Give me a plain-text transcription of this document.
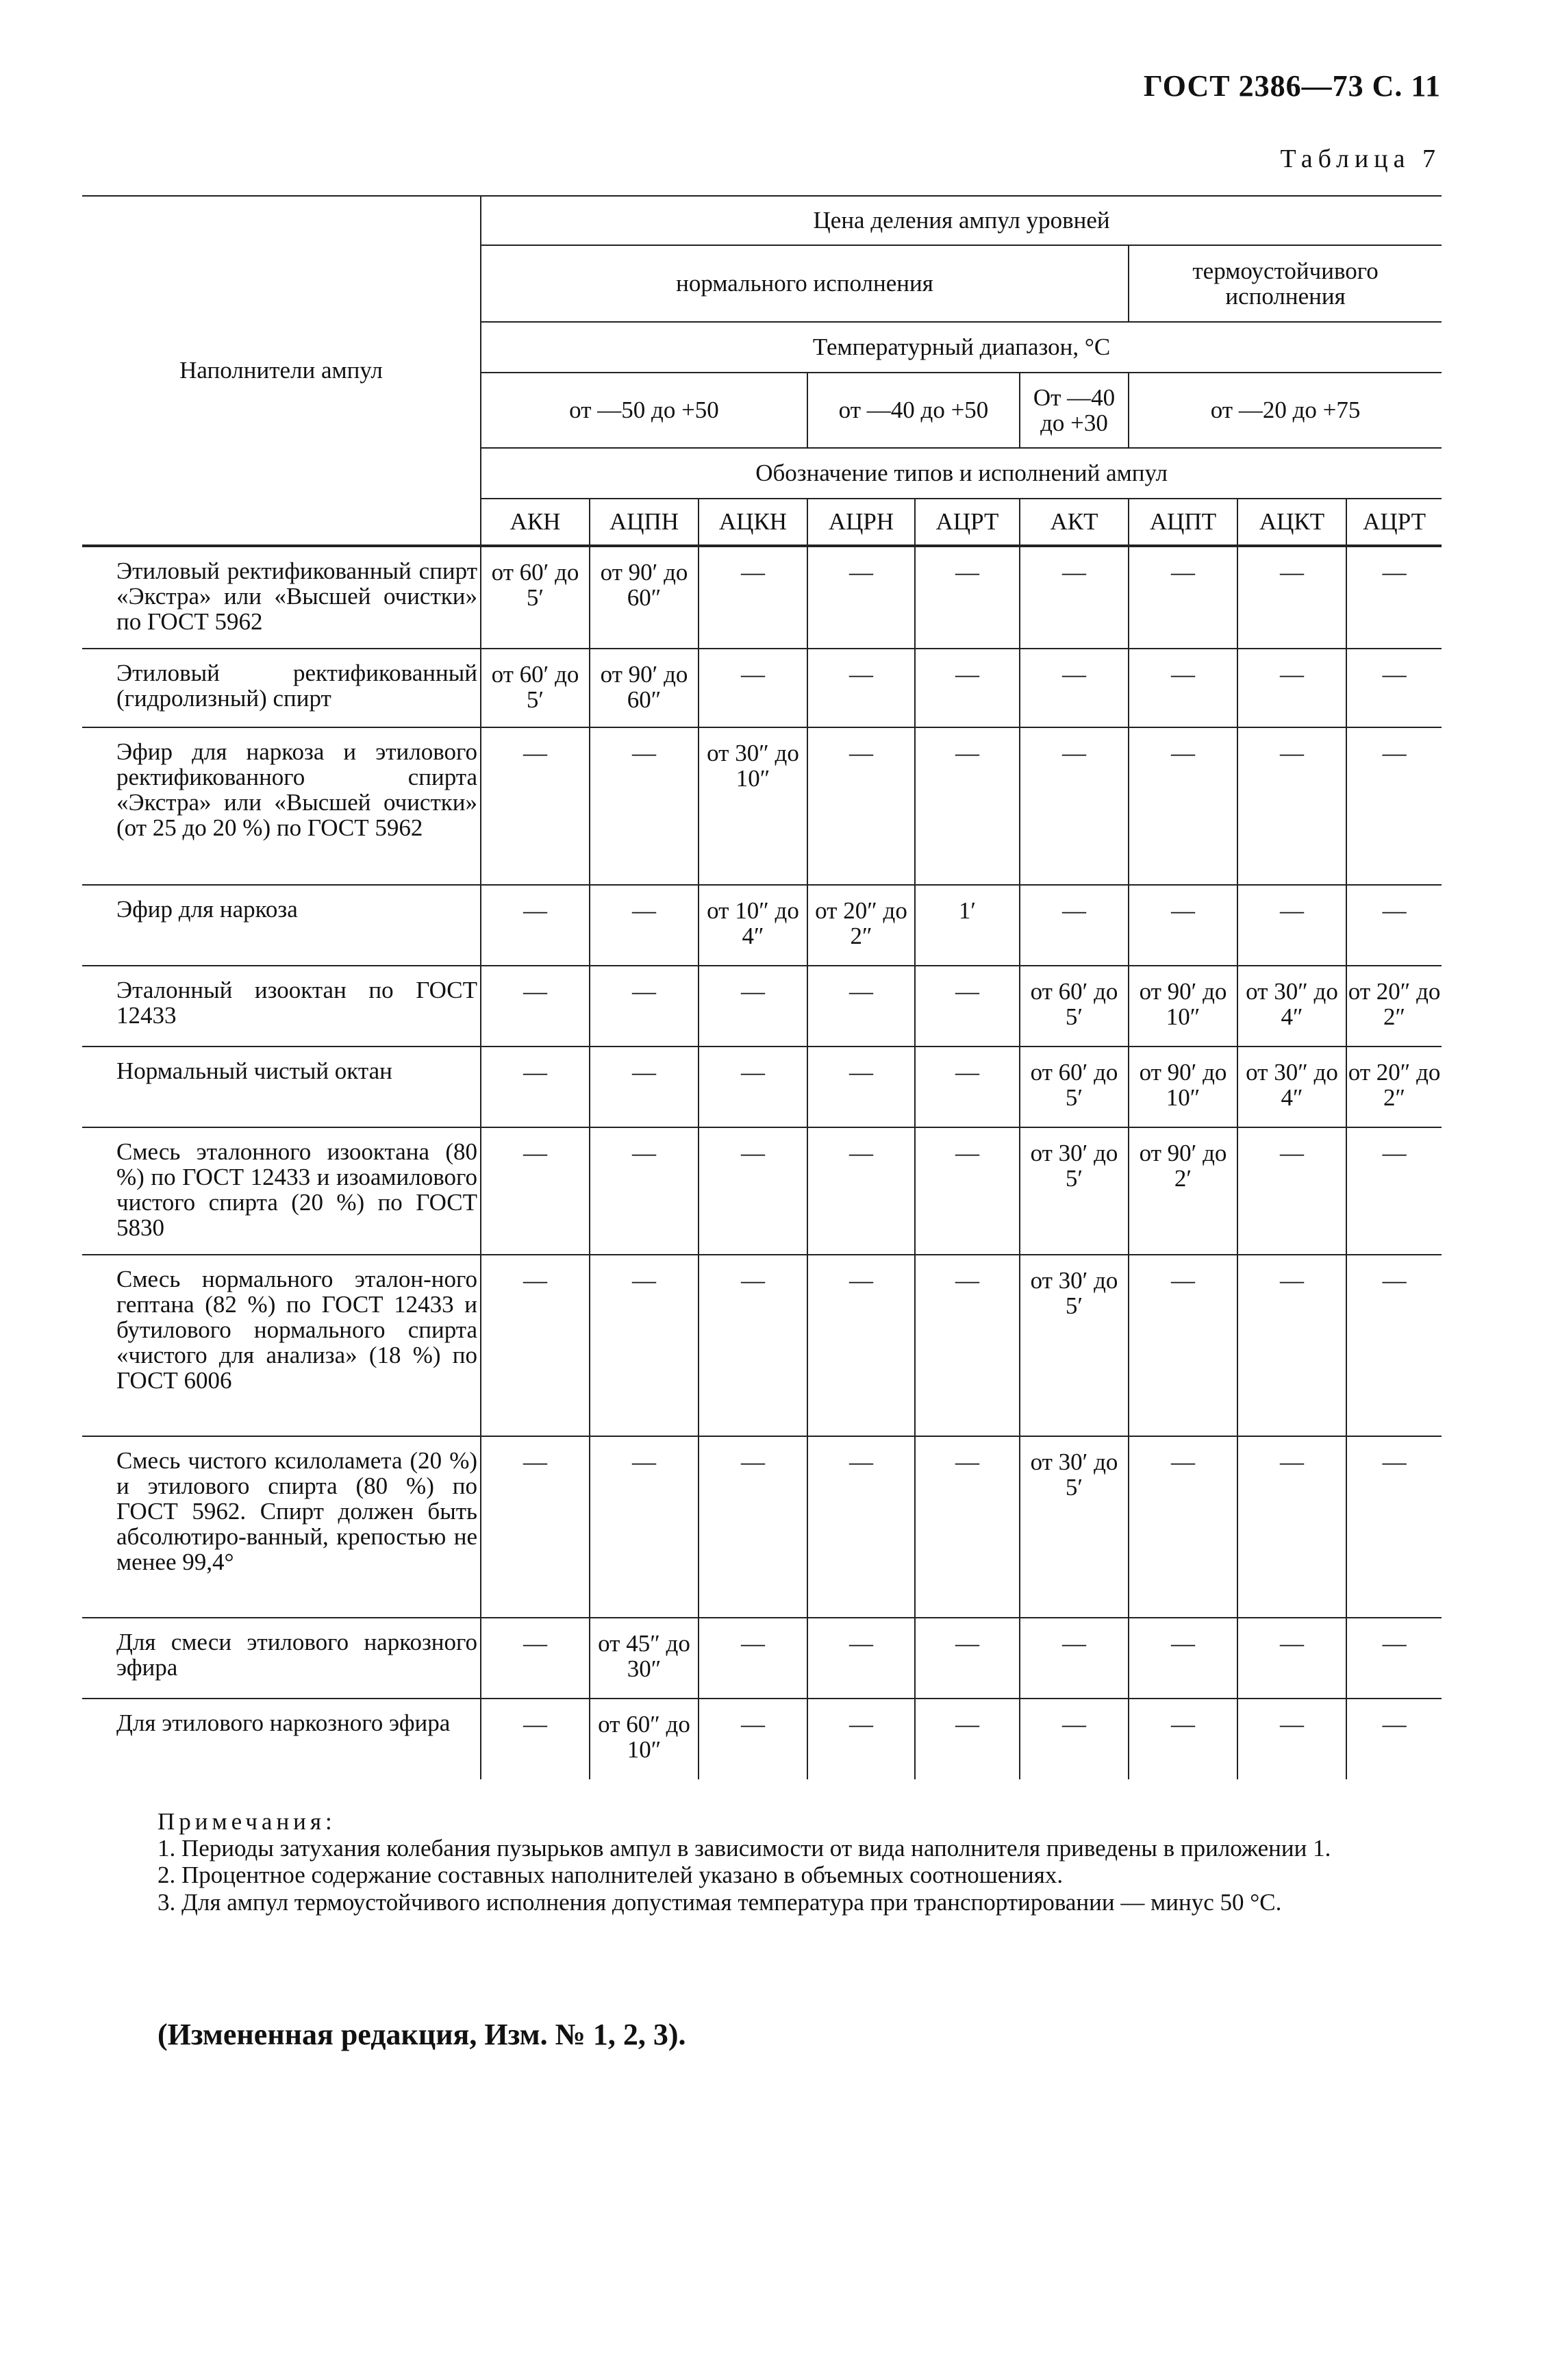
ГОСТ 2386—73 С. 11
Таблица 7
Наполнители ампул	Цена деления ампул уровней								
	нормального исполнения						термоустойчивого исполнения		
	Температурный диапазон, °С								
	от —50 до +50			от —40 до +50		От —40 до +30	от —20 до +75		
	Обозначение типов и исполнений ампул								
	АКН	АЦПН	АЦКН	АЦРН	АЦРТ	АКТ	АЦПТ	АЦКТ	АЦРТ
Этиловый ректификованный спирт «Экстра» или «Высшей очистки» по ГОСТ 5962	от 60′ до 5′	от 90′ до 60″	—	—	—	—	—	—	—
Этиловый ректификованный (гидролизный) спирт	от 60′ до 5′	от 90′ до 60″	—	—	—	—	—	—	—
Эфир для наркоза и этилового ректификованного спирта «Экстра» или «Высшей очистки» (от 25 до 20 %) по ГОСТ 5962	—	—	от 30″ до 10″	—	—	—	—	—	—
Эфир для наркоза	—	—	от 10″ до 4″	от 20″ до 2″	1′	—	—	—	—
Эталонный изооктан по ГОСТ 12433	—	—	—	—	—	от 60′ до 5′	от 90′ до 10″	от 30″ до 4″	от 20″ до 2″
Нормальный чистый октан	—	—	—	—	—	от 60′ до 5′	от 90′ до 10″	от 30″ до 4″	от 20″ до 2″
Смесь эталонного изооктана (80 %) по ГОСТ 12433 и изоамилового чистого спирта (20 %) по ГОСТ 5830	—	—	—	—	—	от 30′ до 5′	от 90′ до 2′	—	—
Смесь нормального эталон-ного гептана (82 %) по ГОСТ 12433 и бутилового нормального спирта «чистого для анализа» (18 %) по ГОСТ 6006	—	—	—	—	—	от 30′ до 5′	—	—	—
Смесь чистого ксилоламета (20 %) и этилового спирта (80 %) по ГОСТ 5962. Спирт должен быть абсолютиро-ванный, крепостью не менее 99,4°	—	—	—	—	—	от 30′ до 5′	—	—	—
Для смеси этилового наркозного эфира	—	от 45″ до 30″	—	—	—	—	—	—	—
Для этилового наркозного эфира	—	от 60″ до 10″	—	—	—	—	—	—	—
Примечания:

1. Периоды затухания колебания пузырьков ампул в зависимости от вида наполнителя приведены в приложении 1.

2. Процентное содержание составных наполнителей указано в объемных соотношениях.

3. Для ампул термоустойчивого исполнения допустимая температура при транспортировании — минус 50 °С.

(Измененная редакция, Изм. № 1, 2, 3).
